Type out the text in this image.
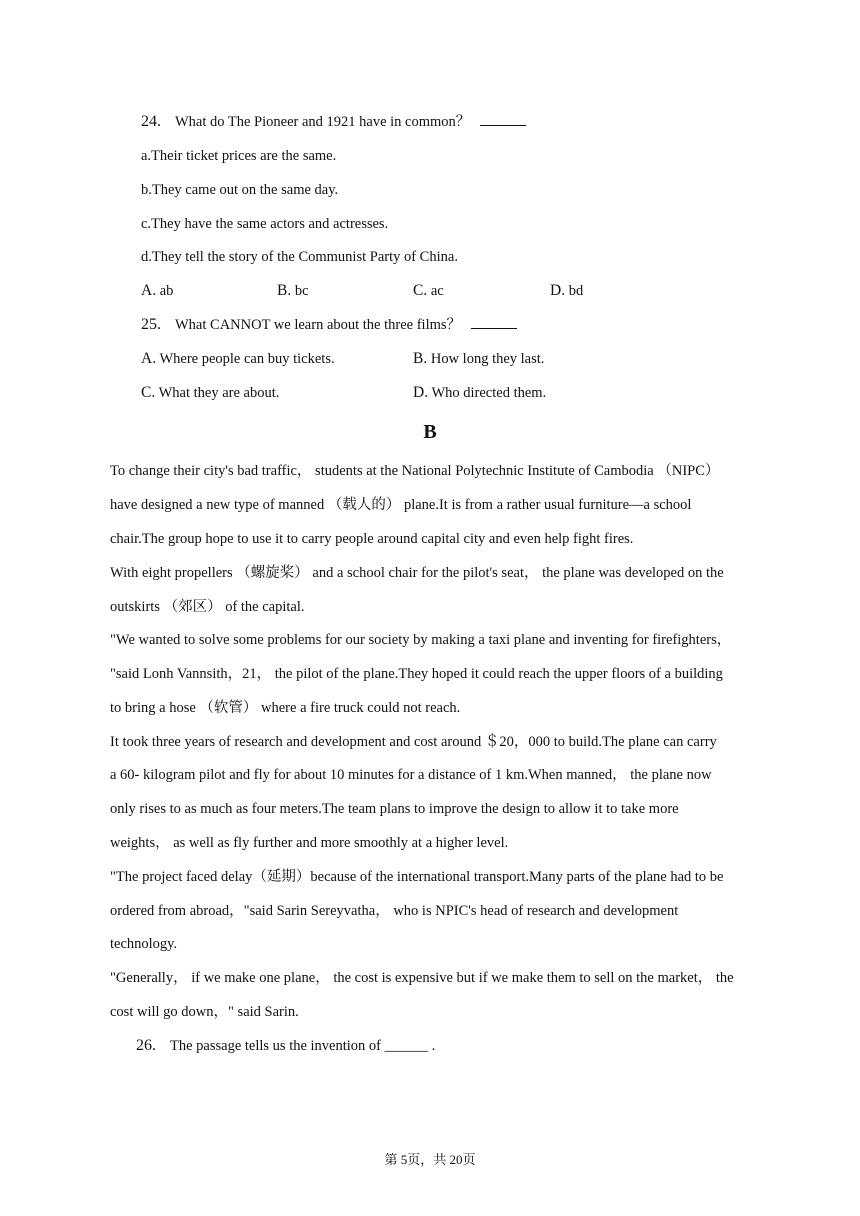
24. What do The Pioneer and 1921 have in common？
a.Their ticket prices are the same.
b.They came out on the same day.
c.They have the same actors and actresses.
d.They tell the story of the Communist Party of China.
A. ab	B. bc	C. ac	D. bd
25. What CANNOT we learn about the three films？
A. Where people can buy tickets.	B. How long they last.
C. What they are about.	D. Who directed them.
B
To change their city's bad traffic， students at the National Polytechnic Institute of Cambodia （NIPC）
have designed a new type of manned （载人的） plane.It is from a rather usual furniture—a school
chair.The group hope to use it to carry people around capital city and even help fight fires.
With eight propellers （螺旋桨） and a school chair for the pilot's seat， the plane was developed on the
outskirts （郊区） of the capital.
"We wanted to solve some problems for our society by making a taxi plane and inventing for firefighters，
"said Lonh Vannsith，21， the pilot of the plane.They hoped it could reach the upper floors of a building
to bring a hose （软管） where a fire truck could not reach.
It took three years of research and development and cost around ＄20，000 to build.The plane can carry
a 60- kilogram pilot and fly for about 10 minutes for a distance of 1 km.When manned， the plane now
only rises to as much as four meters.The team plans to improve the design to allow it to take more
weights， as well as fly further and more smoothly at a higher level.
"The project faced delay（延期）because of the international transport.Many parts of the plane had to be
ordered from abroad，"said Sarin Sereyvatha， who is NPIC's head of research and development
technology.
"Generally， if we make one plane， the cost is expensive but if we make them to sell on the market， the
cost will go down，" said Sarin.
26. The passage tells us the invention of ______ .
第 5页，共 20页
